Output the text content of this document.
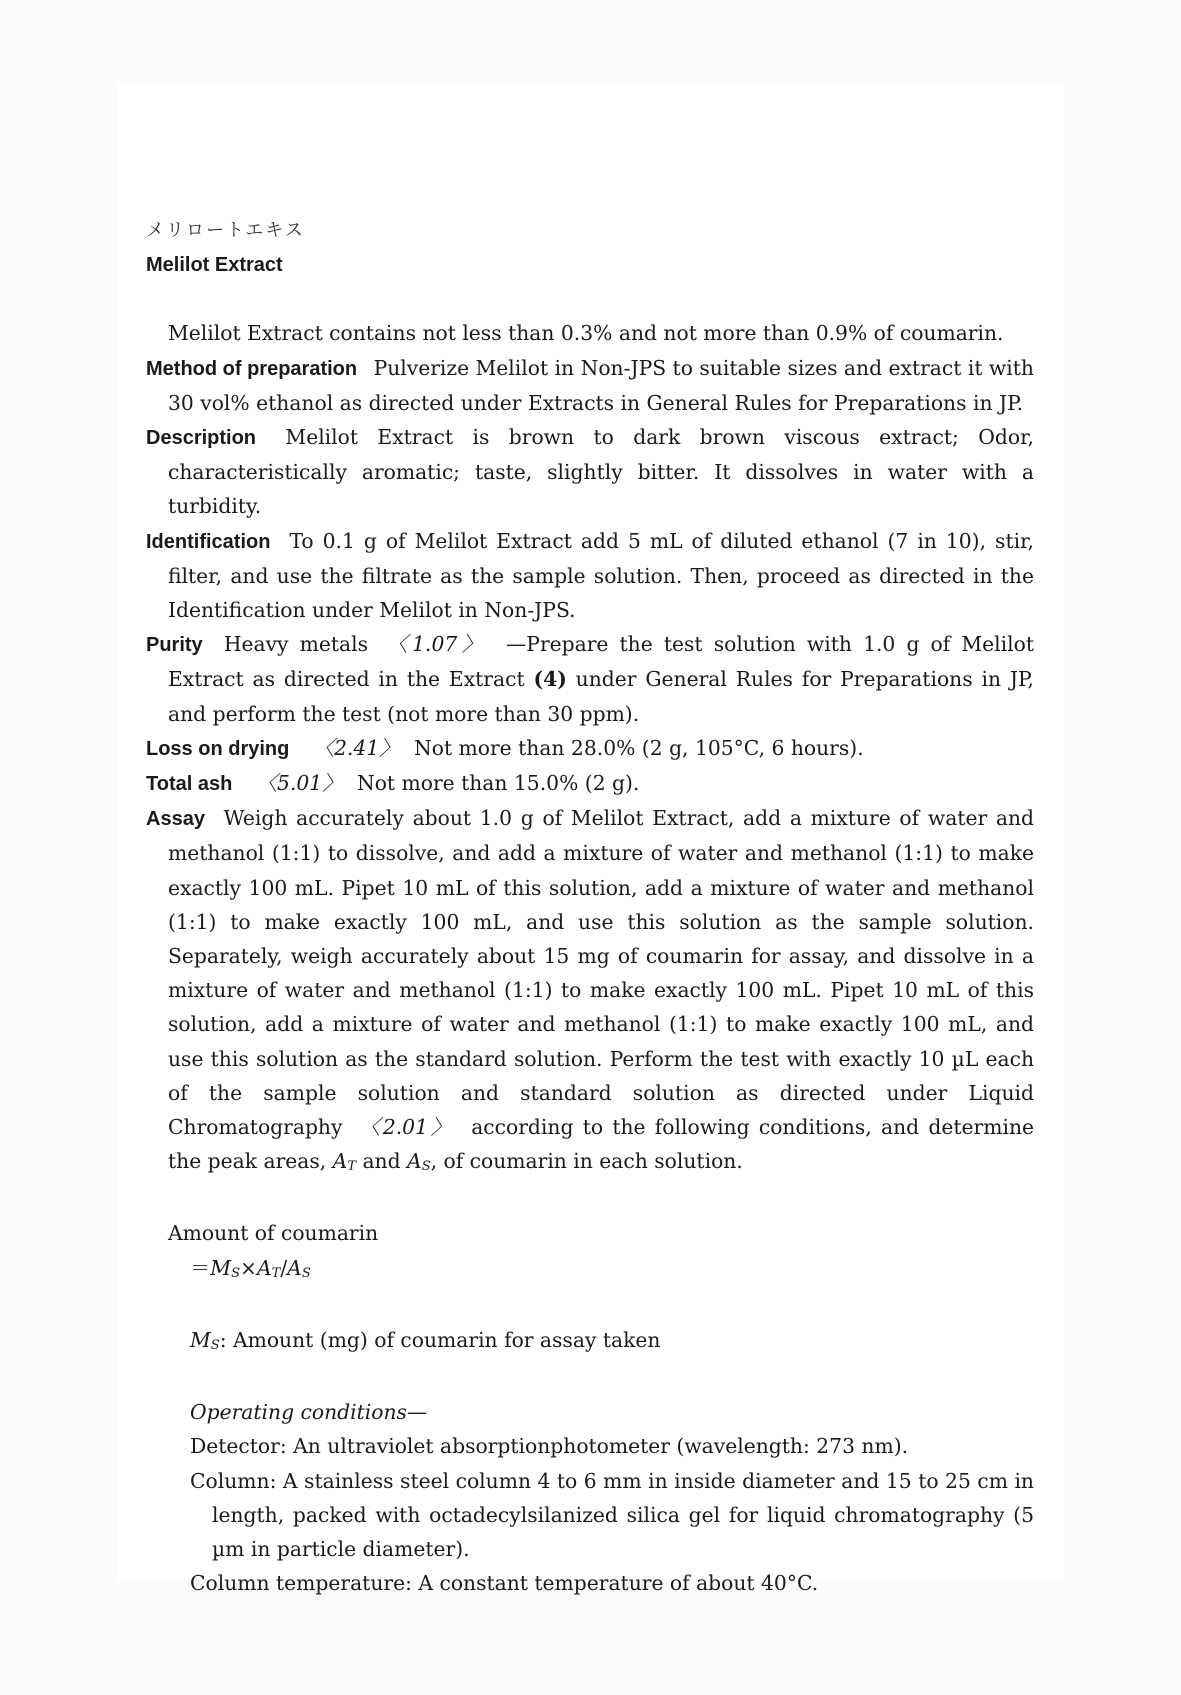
メリロートエキス
Melilot Extract

Melilot Extract contains not less than 0.3% and not more than 0.9% of coumarin.

Method of preparation Pulverize Melilot in Non-JPS to suitable sizes and extract it with 30 vol% ethanol as directed under Extracts in General Rules for Preparations in JP.

Description Melilot Extract is brown to dark brown viscous extract; Odor, characteristically aromatic; taste, slightly bitter. It dissolves in water with a turbidity.

Identification To 0.1 g of Melilot Extract add 5 mL of diluted ethanol (7 in 10), stir, filter, and use the filtrate as the sample solution. Then, proceed as directed in the Identification under Melilot in Non-JPS.

Purity Heavy metals 〈1.07〉 —Prepare the test solution with 1.0 g of Melilot Extract as directed in the Extract (4) under General Rules for Preparations in JP, and perform the test (not more than 30 ppm).

Loss on drying 〈2.41〉 Not more than 28.0% (2 g, 105°C, 6 hours).

Total ash 〈5.01〉 Not more than 15.0% (2 g).

Assay Weigh accurately about 1.0 g of Melilot Extract, add a mixture of water and methanol (1:1) to dissolve, and add a mixture of water and methanol (1:1) to make exactly 100 mL. Pipet 10 mL of this solution, add a mixture of water and methanol (1:1) to make exactly 100 mL, and use this solution as the sample solution. Separately, weigh accurately about 15 mg of coumarin for assay, and dissolve in a mixture of water and methanol (1:1) to make exactly 100 mL. Pipet 10 mL of this solution, add a mixture of water and methanol (1:1) to make exactly 100 mL, and use this solution as the standard solution. Perform the test with exactly 10 µL each of the sample solution and standard solution as directed under Liquid Chromatography 〈2.01〉 according to the following conditions, and determine the peak areas, $A_T$ and $A_S$, of coumarin in each solution.

Amount of coumarin

$=M_S\times A_T/A_S$

$M_S$: Amount (mg) of coumarin for assay taken

Operating conditions—

Detector: An ultraviolet absorptionphotometer (wavelength: 273 nm).

Column: A stainless steel column 4 to 6 mm in inside diameter and 15 to 25 cm in length, packed with octadecylsilanized silica gel for liquid chromatography (5 µm in particle diameter).

Column temperature: A constant temperature of about 40°C.
